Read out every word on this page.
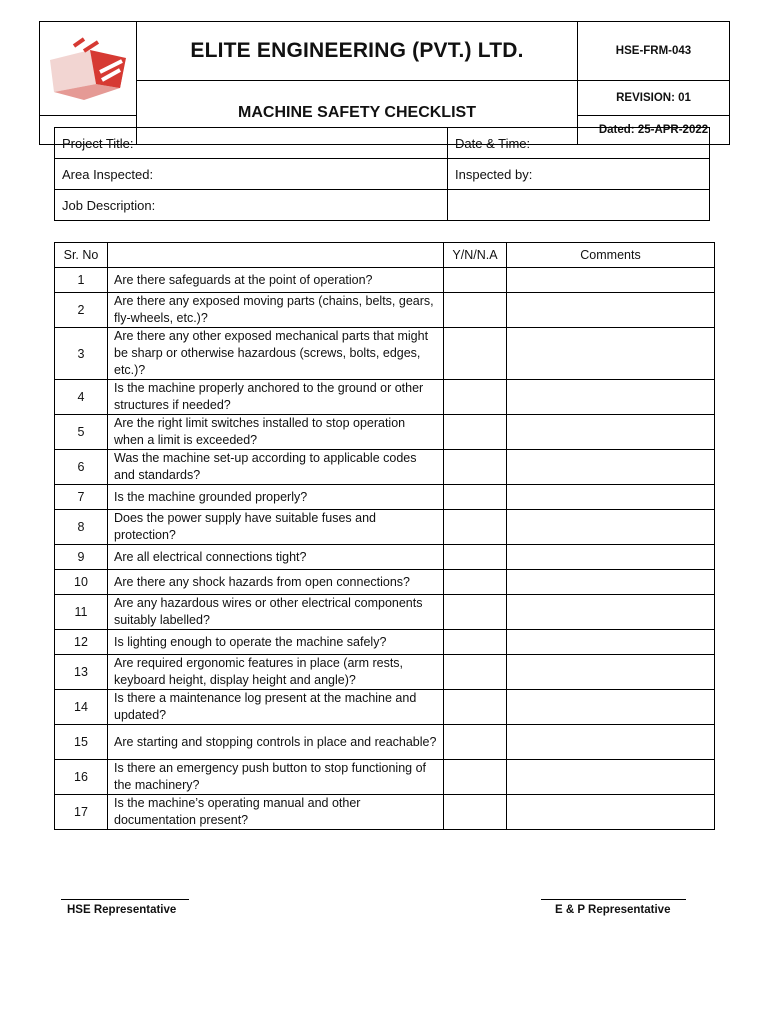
	ELITE ENGINEERING (PVT.) LTD.	HSE-FRM-043
	MACHINE SAFETY CHECKLIST	REVISION: 01
		Dated: 25-APR-2022
Project Title:	Date & Time:
Area Inspected:	Inspected by:
Job Description:	
Sr. No		Y/N/N.A	Comments
1	Are there safeguards at the point of operation?		
2	Are there any exposed moving parts (chains, belts, gears, fly-wheels, etc.)?		
3	Are there any other exposed mechanical parts that might be sharp or otherwise hazardous (screws, bolts, edges, etc.)?		
4	Is the machine properly anchored to the ground or other structures if needed?		
5	Are the right limit switches installed to stop operation when a limit is exceeded?		
6	Was the machine set-up according to applicable codes and standards?		
7	Is the machine grounded properly?		
8	Does the power supply have suitable fuses and protection?		
9	Are all electrical connections tight?		
10	Are there any shock hazards from open connections?		
11	Are any hazardous wires or other electrical components suitably labelled?		
12	Is lighting enough to operate the machine safely?		
13	Are required ergonomic features in place (arm rests, keyboard height, display height and angle)?		
14	Is there a maintenance log present at the machine and updated?		
15	Are starting and stopping controls in place and reachable?		
16	Is there an emergency push button to stop functioning of the machinery?		
17	Is the machine’s operating manual and other documentation present?		
HSE Representative	E & P Representative
